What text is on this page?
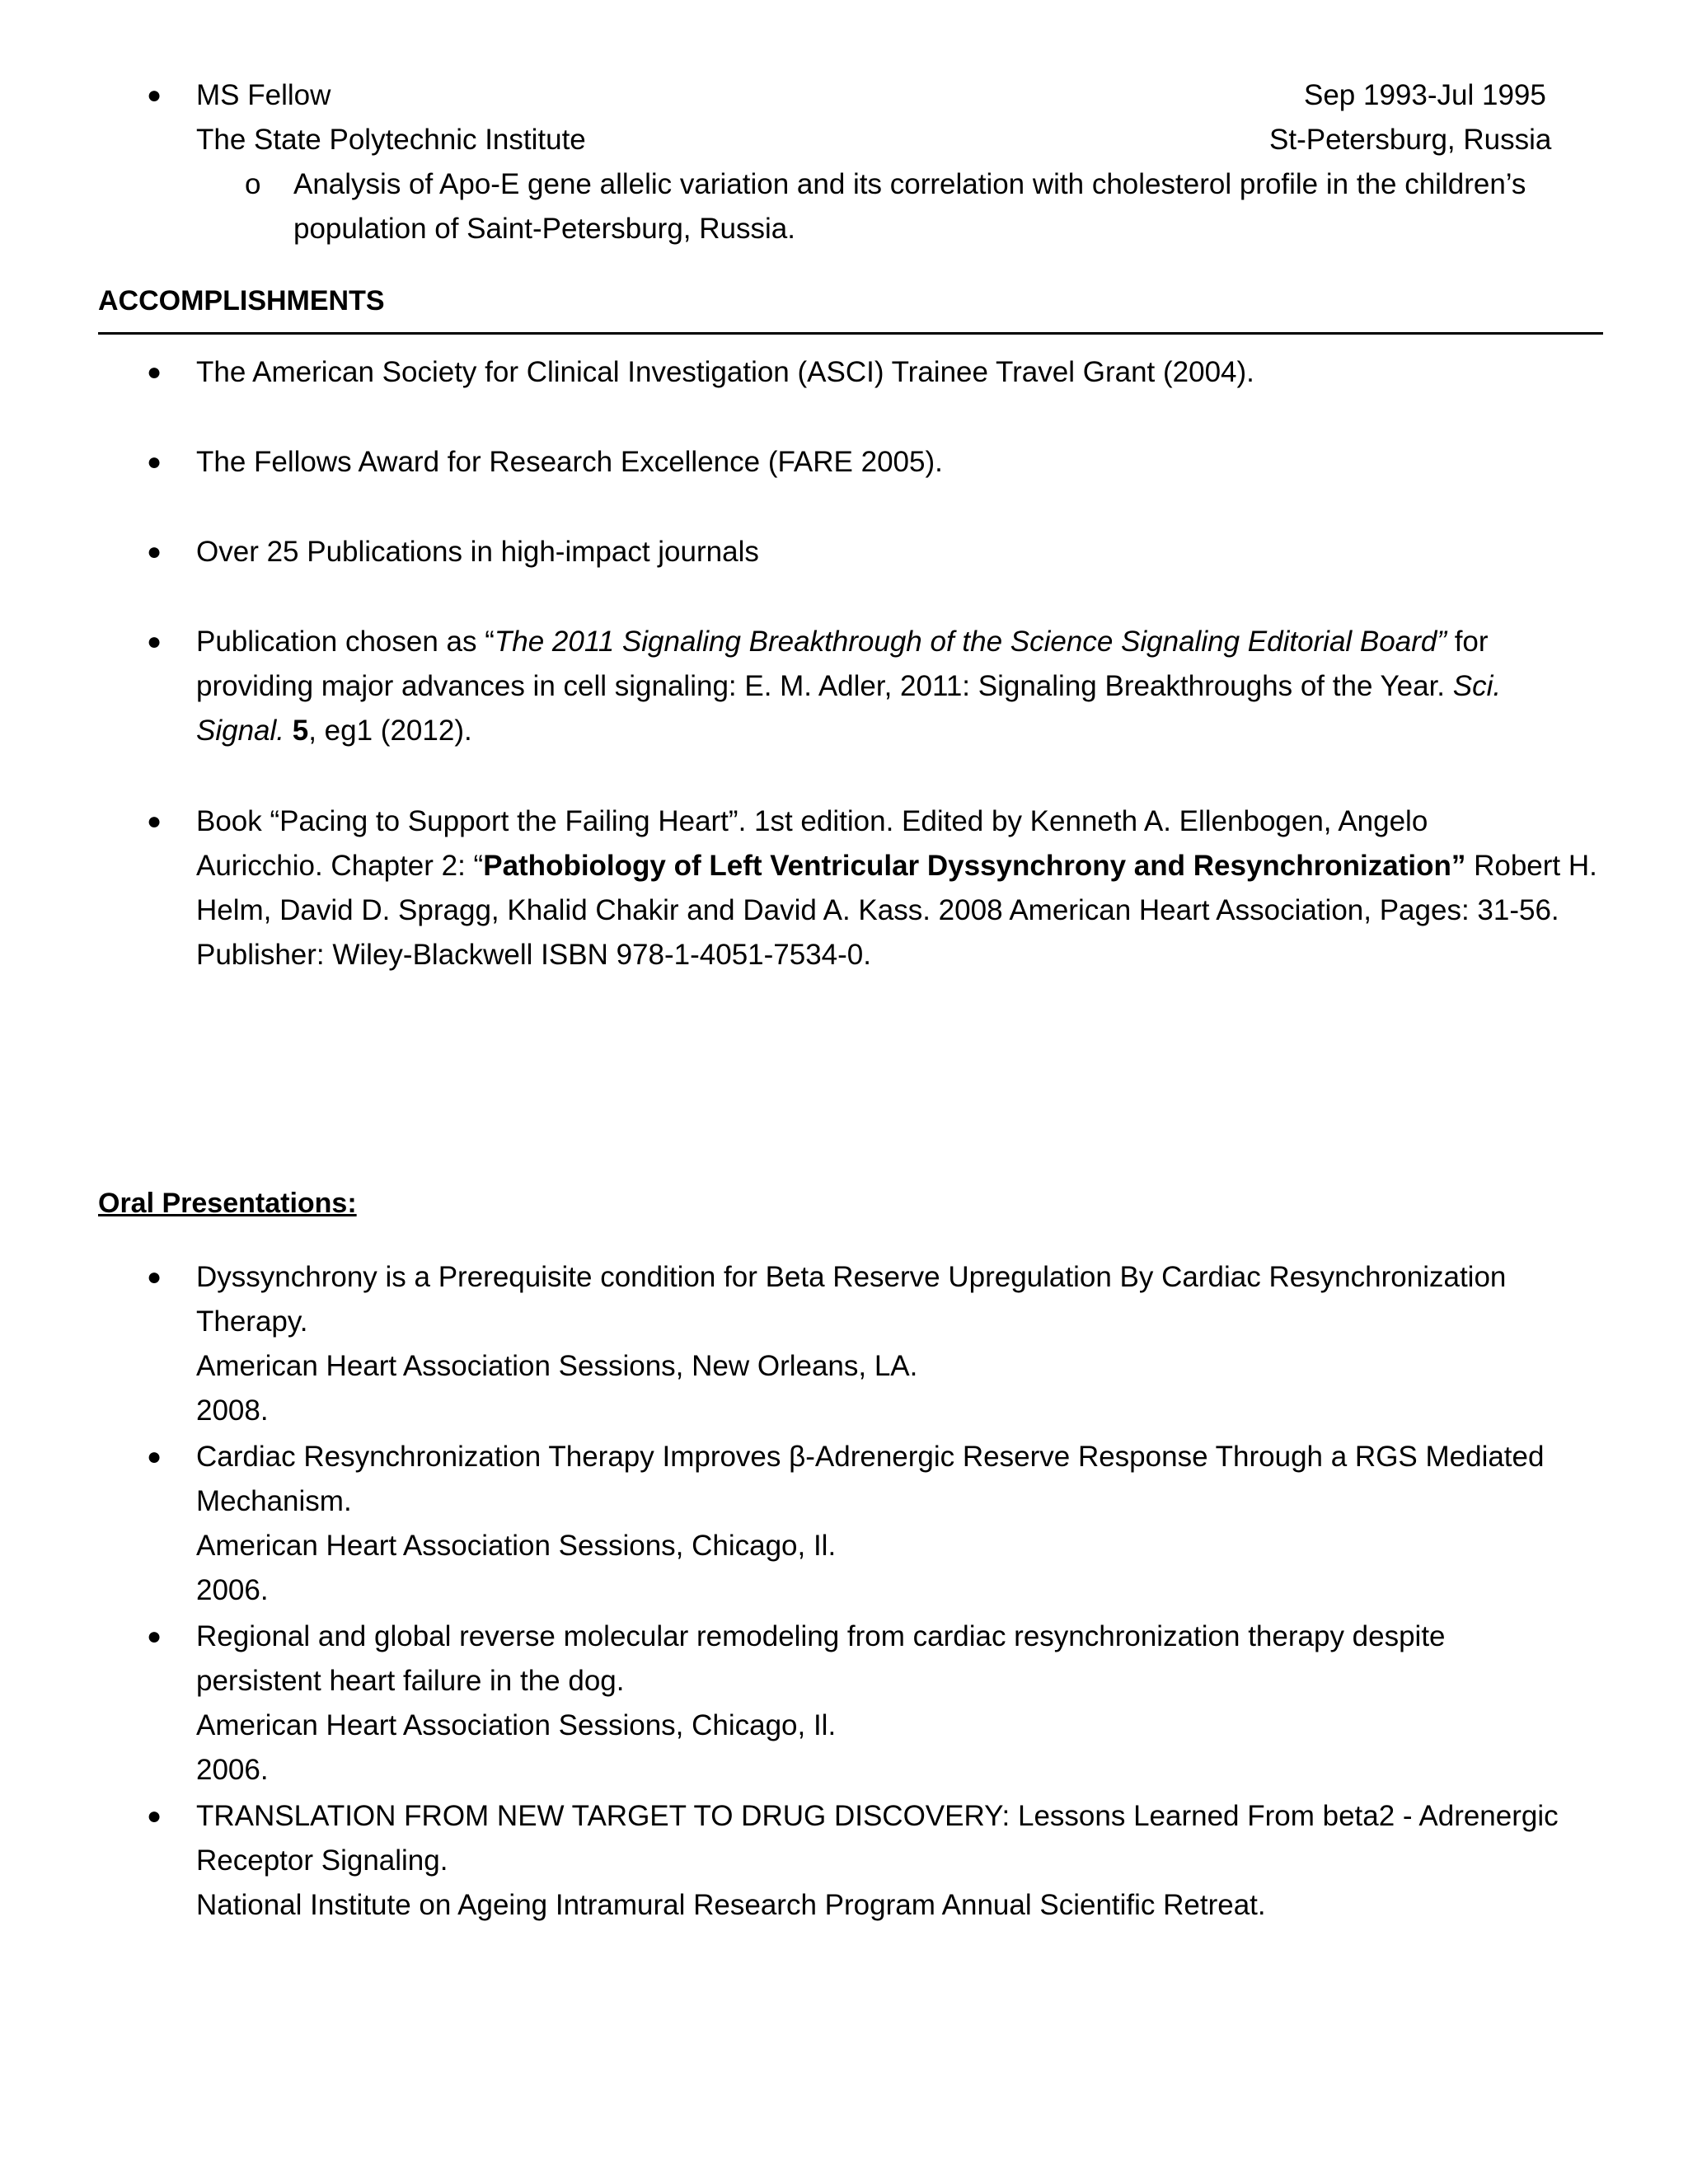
● MS Fellow	Sep 1993-Jul 1995
The State Polytechnic Institute	St-Petersburg, Russia
o Analysis of Apo-E gene allelic variation and its correlation with cholesterol profile in the children’s
population of Saint-Petersburg, Russia.
ACCOMPLISHMENTS
● The American Society for Clinical Investigation (ASCI) Trainee Travel Grant (2004).
● The Fellows Award for Research Excellence (FARE 2005).
● Over 25 Publications in high-impact journals
● Publication chosen as “The 2011 Signaling Breakthrough of the Science Signaling Editorial Board” for
providing major advances in cell signaling: E. M. Adler, 2011: Signaling Breakthroughs of the Year. Sci.
Signal. 5, eg1 (2012).
● Book “Pacing to Support the Failing Heart”. 1st edition. Edited by Kenneth A. Ellenbogen, Angelo
Auricchio. Chapter 2: “Pathobiology of Left Ventricular Dyssynchrony and Resynchronization” Robert H.
Helm, David D. Spragg, Khalid Chakir and David A. Kass. 2008 American Heart Association, Pages: 31-56.
Publisher: Wiley-Blackwell ISBN 978-1-4051-7534-0.
Oral Presentations:
● Dyssynchrony is a Prerequisite condition for Beta Reserve Upregulation By Cardiac Resynchronization
Therapy.
American Heart Association Sessions, New Orleans, LA.
2008.
● Cardiac Resynchronization Therapy Improves β-Adrenergic Reserve Response Through a RGS Mediated
Mechanism.
American Heart Association Sessions, Chicago, Il.
2006.
● Regional and global reverse molecular remodeling from cardiac resynchronization therapy despite
persistent heart failure in the dog.
American Heart Association Sessions, Chicago, Il.
2006.
● TRANSLATION FROM NEW TARGET TO DRUG DISCOVERY: Lessons Learned From beta2 - Adrenergic
Receptor Signaling.
National Institute on Ageing Intramural Research Program Annual Scientific Retreat.
